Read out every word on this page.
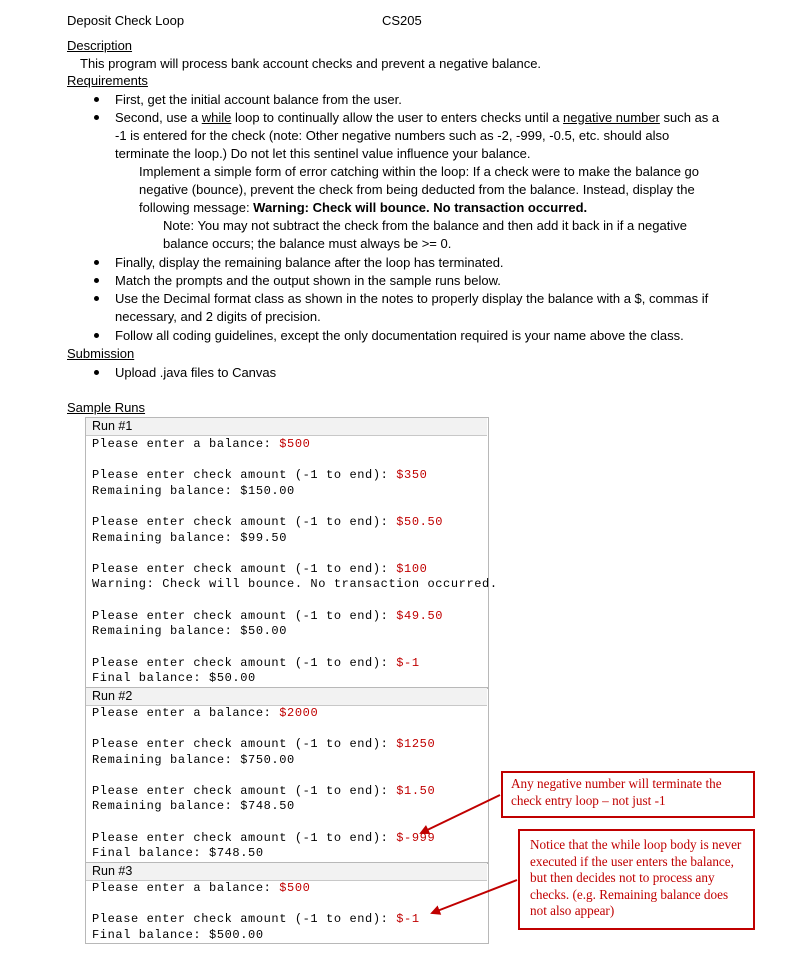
Deposit Check Loop	CS205
Description
This program will process bank account checks and prevent a negative balance.
Requirements
First, get the initial account balance from the user.
Second, use a while loop to continually allow the user to enters checks until a negative number such as a
-1 is entered for the check (note: Other negative numbers such as -2, -999, -0.5, etc. should also
terminate the loop.) Do not let this sentinel value influence your balance.
Implement a simple form of error catching within the loop: If a check were to make the balance go
negative (bounce), prevent the check from being deducted from the balance. Instead, display the
following message: Warning: Check will bounce. No transaction occurred.
Note: You may not subtract the check from the balance and then add it back in if a negative
balance occurs; the balance must always be >= 0.
Finally, display the remaining balance after the loop has terminated.
Match the prompts and the output shown in the sample runs below.
Use the Decimal format class as shown in the notes to properly display the balance with a $, commas if
necessary, and 2 digits of precision.
Follow all coding guidelines, except the only documentation required is your name above the class.
Submission
Upload .java files to Canvas
Sample Runs
Run #1
Run #2
Run #3
Please enter a balance: $500
Please enter check amount (-1 to end): $350
Remaining balance: $150.00
Please enter check amount (-1 to end): $50.50
Remaining balance: $99.50
Please enter check amount (-1 to end): $100
Warning: Check will bounce. No transaction occurred.
Please enter check amount (-1 to end): $49.50
Remaining balance: $50.00
Please enter check amount (-1 to end): $-1
Final balance: $50.00
Please enter a balance: $2000
Please enter check amount (-1 to end): $1250
Remaining balance: $750.00
Please enter check amount (-1 to end): $1.50
Remaining balance: $748.50
Please enter check amount (-1 to end): $-999
Final balance: $748.50
Please enter a balance: $500
Please enter check amount (-1 to end): $-1
Final balance: $500.00
Any negative number will terminate the check entry loop – not just -1
Notice that the while loop body is never executed if the user enters the balance, but then decides not to process any checks. (e.g. Remaining balance does not also appear)
